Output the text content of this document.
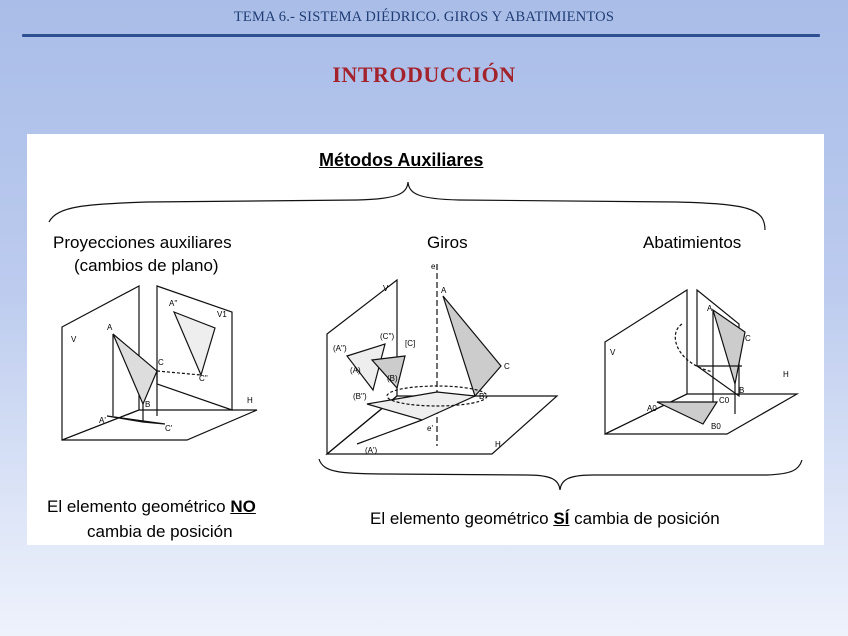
TEMA 6.- SISTEMA DIÉDRICO. GIROS Y ABATIMIENTOS
INTRODUCCIÓN
Métodos Auxiliares
Proyecciones auxiliares
(cambios de plano)
Giros	Abatimientos
El elemento geométrico NO
cambia de posición
El elemento geométrico SÍ cambia de posición
V
A
A''
C
V1
C''
B	H
A'
C'
V
(A'')
(C'')
[C]
(A)
(B)
(B'')
e
A
C
B
H
(A')
e'
V
A
C
B
H
A0
B0
C0
